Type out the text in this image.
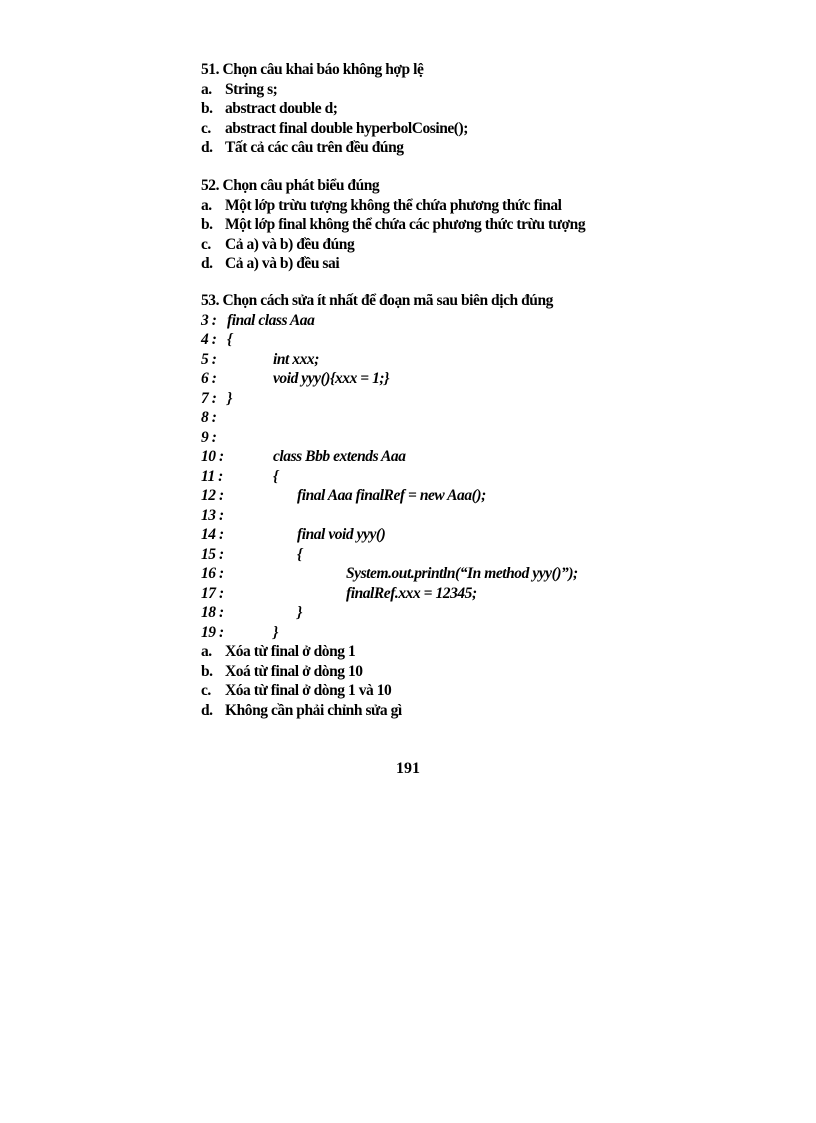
51. Chọn câu khai báo không hợp lệ
a. String s;
b. abstract double d;
c. abstract final double hyperbolCosine();
d. Tất cả các câu trên đều đúng
52. Chọn câu phát biểu đúng
a. Một lớp trừu tượng không thể chứa phương thức final
b. Một lớp final không thể chứa các phương thức trừu tượng
c. Cả a) và b) đều đúng
d. Cả a) và b) đều sai
53. Chọn cách sửa ít nhất để đoạn mã sau biên dịch đúng
3 : final class Aaa
4 : {
5 :	int xxx;
6 :	void yyy(){xxx = 1;}
7 : }
8 :
9 :
10 :	class Bbb extends Aaa
11 :	{
12 :	final Aaa finalRef = new Aaa();
13 :
14 :	final void yyy()
15 :	{
16 :	System.out.println(“In method yyy()”);
17 :	finalRef.xxx = 12345;
18 :	}
19 :	}
a. Xóa từ final ở dòng 1
b. Xoá từ final ở dòng 10
c. Xóa từ final ở dòng 1 và 10
d. Không cần phải chỉnh sửa gì
191
